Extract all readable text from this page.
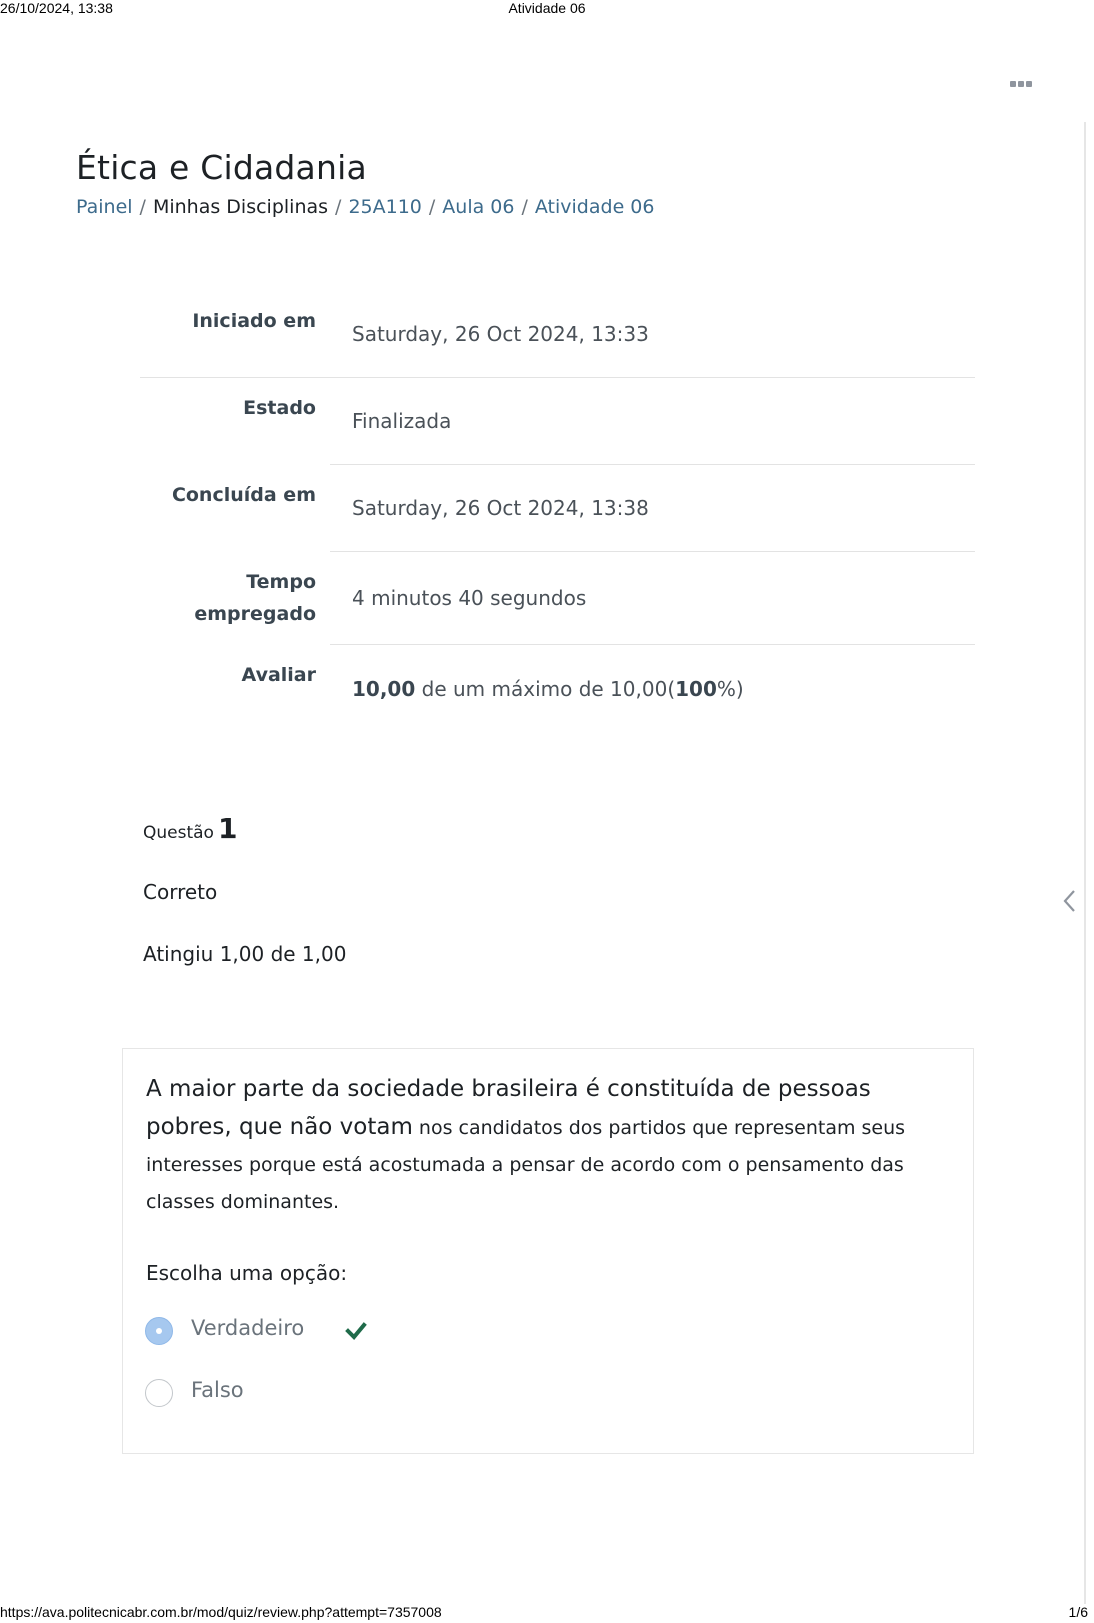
26/10/2024, 13:38	Atividade 06
Ética e Cidadania
Painel / Minhas Disciplinas / 25A110 / Aula 06 / Atividade 06
Iniciado em
Saturday, 26 Oct 2024, 13:33
Estado
Finalizada
Concluída em
Saturday, 26 Oct 2024, 13:38
Tempo
empregado
4 minutos 40 segundos
Avaliar
10,00 de um máximo de 10,00(100%)
Questão 1
Correto
Atingiu 1,00 de 1,00
A maior parte da sociedade brasileira é constituída de pessoas pobres, que não votam nos candidatos dos partidos que representam seus interesses porque está acostumada a pensar de acordo com o pensamento das classes dominantes.
Escolha uma opção:
Verdadeiro
Falso
https://ava.politecnicabr.com.br/mod/quiz/review.php?attempt=7357008	1/6
